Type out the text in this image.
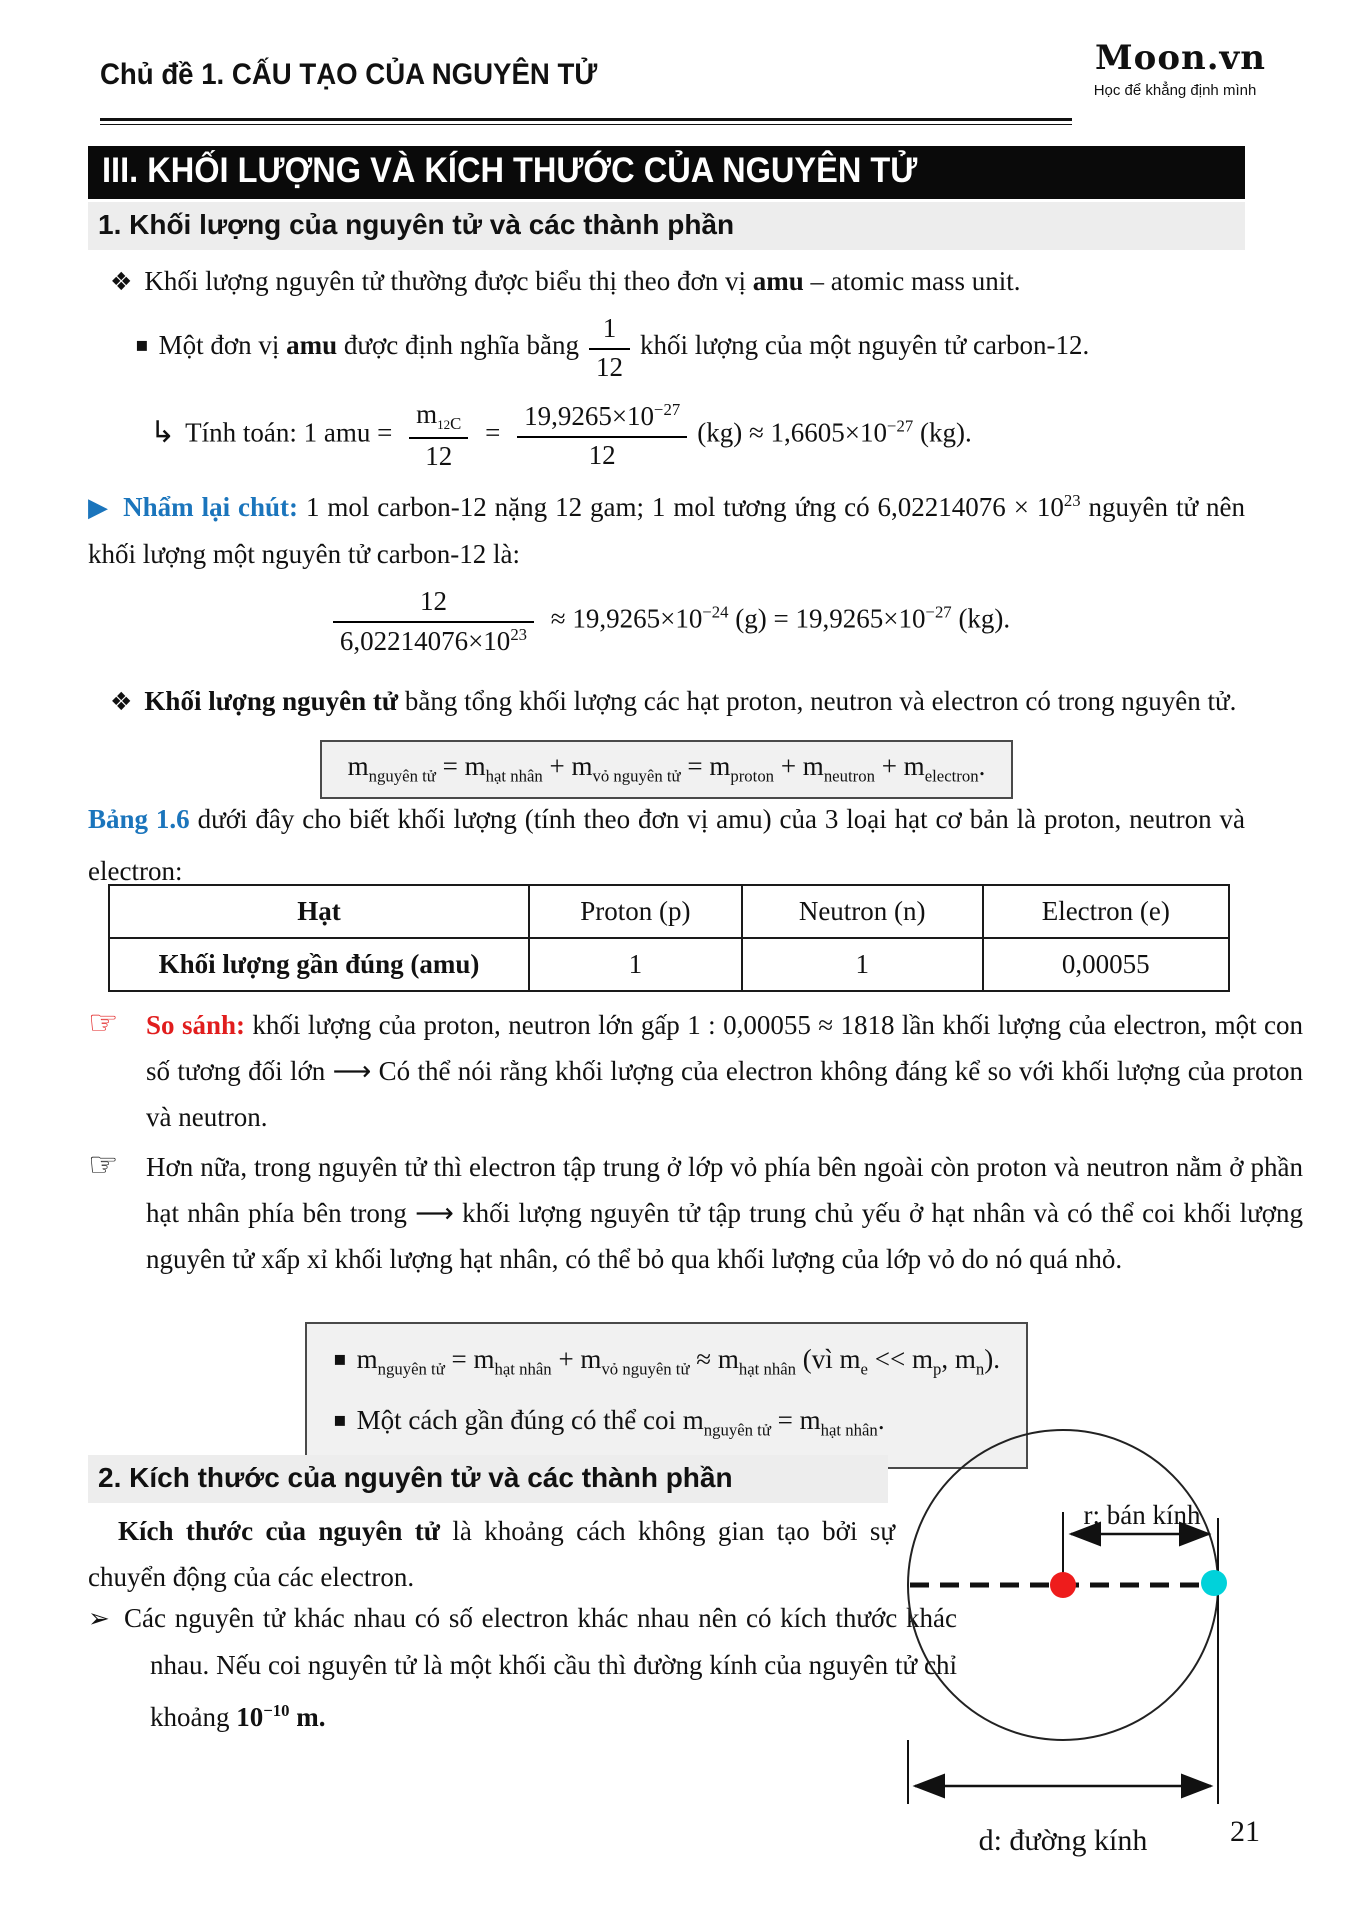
Chủ đề 1. CẤU TẠO CỦA NGUYÊN TỬ	Moon.vn
Học để khẳng định mình
III. KHỐI LƯỢNG VÀ KÍCH THƯỚC CỦA NGUYÊN TỬ
1. Khối lượng của nguyên tử và các thành phần
❖ Khối lượng nguyên tử thường được biểu thị theo đơn vị amu – atomic mass unit.
▪ Một đơn vị amu được định nghĩa bằng $\frac{1}{12}$ khối lượng của một nguyên tử carbon-12.
↳ Tính toán: 1 amu = $\frac{m_{12C}}{12} = \frac{19,9265\times 10^{-27}}{12} (kg) \approx 1,6605\times 10^{-27}$ (kg).
▶ Nhẩm lại chút: 1 mol carbon-12 nặng 12 gam; 1 mol tương ứng có $6,02214076 \times 10^{23}$ nguyên tử nên khối lượng một nguyên tử carbon-12 là:
$\frac{12}{6,02214076\times 10^{23}} \approx 19,9265\times 10^{-24}$ $(g) = 19,9265\times 10^{-27}$ (kg).
❖ Khối lượng nguyên tử bằng tổng khối lượng các hạt proton, neutron và electron có trong nguyên tử.
$m_{nguyên tử} = m_{hạt nhân} + m_{vỏ nguyên tử} = m_{proton} + m_{neutron} + m_{electron}$.
Bảng 1.6 dưới đây cho biết khối lượng (tính theo đơn vị amu) của 3 loại hạt cơ bản là proton, neutron và electron:
Hạt	Proton (p)	Neutron (n)	Electron (e)
Khối lượng gần đúng (amu)	1	1	0,00055
☞ So sánh: khối lượng của proton, neutron lớn gấp 1 : 0,00055 ≈ 1818 lần khối lượng của electron, một con số tương đối lớn ⟶ Có thể nói rằng khối lượng của electron không đáng kể so với khối lượng của proton và neutron.
☞ Hơn nữa, trong nguyên tử thì electron tập trung ở lớp vỏ phía bên ngoài còn proton và neutron nằm ở phần hạt nhân phía bên trong ⟶ khối lượng nguyên tử tập trung chủ yếu ở hạt nhân và có thể coi khối lượng nguyên tử xấp xỉ khối lượng hạt nhân, có thể bỏ qua khối lượng của lớp vỏ do nó quá nhỏ.
▪ $m_{nguyên tử} = m_{hạt nhân} + m_{vỏ nguyên tử} \approx m_{hạt nhân}$ (vì $m_e << m_p$, $m_n$).
▪ Một cách gần đúng có thể coi $m_{nguyên tử} = m_{hạt nhân}$.
2. Kích thước của nguyên tử và các thành phần
Kích thước của nguyên tử là khoảng cách không gian tạo bởi sự chuyển động của các electron.
➢ Các nguyên tử khác nhau có số electron khác nhau nên có kích thước khác nhau. Nếu coi nguyên tử là một khối cầu thì đường kính của nguyên tử chỉ khoảng $10^{-10}$ m.
r: bán kính
d: đường kính	21
